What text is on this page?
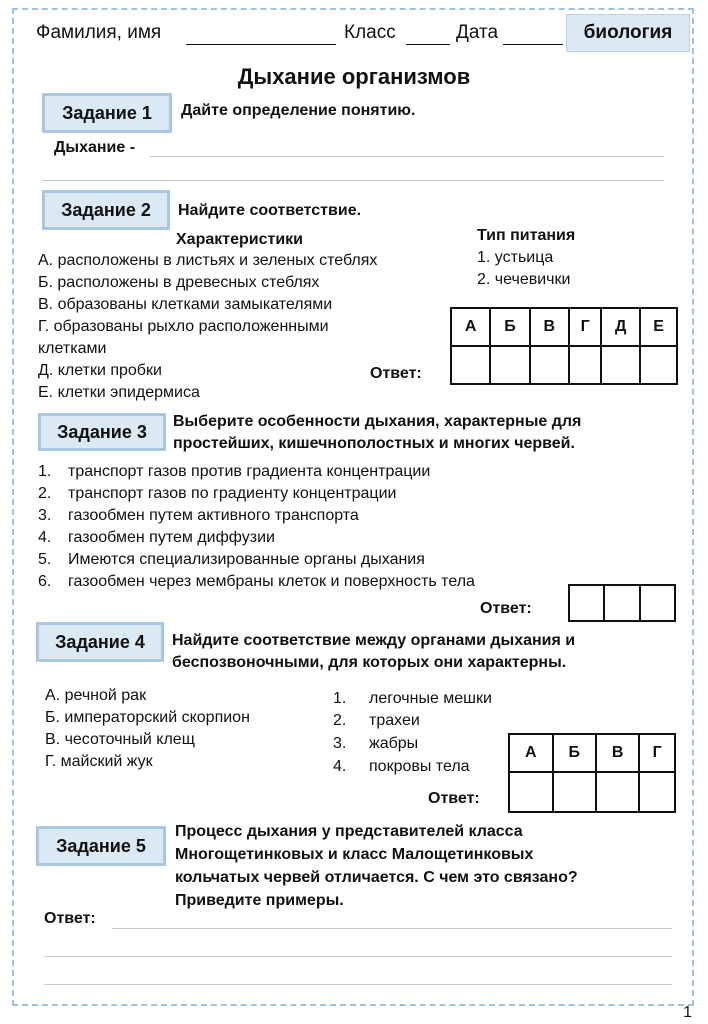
Фамилия, имя	Класс	Дата	биология
Дыхание организмов
Задание 1	Дайте определение понятию.
Дыхание -
Задание 2	Найдите соответствие.
Характеристики	Тип питания
А. расположены в листьях и зеленых стеблях
Б. расположены в древесных стеблях
В. образованы клетками замыкателями
Г. образованы рыхло расположенными
клетками
Д. клетки пробки
Е. клетки эпидермиса
1. устьица
2. чечевички
Ответ:
А	Б	В	Г	Д	Е

Задание 3
Выберите особенности дыхания, характерные для
простейших, кишечнополостных и многих червей.
1. транспорт газов против градиента концентрации
2. транспорт газов по градиенту концентрации
3. газообмен путем активного транспорта
4. газообмен путем диффузии
5. Имеются специализированные органы дыхания
6. газообмен через мембраны клеток и поверхность тела
Ответ:

Задание 4	Найдите соответствие между органами дыхания и
беспозвоночными, для которых они характерны.
А. речной рак
Б. императорский скорпион
В. чесоточный клещ
Г. майский жук
1. легочные мешки
2. трахеи
3. жабры
4. покровы тела
Ответ:
А	Б	В	Г

Задание 5
Процесс дыхания у представителей класса
Многощетинковых и класс Малощетинковых
кольчатых червей отличается. С чем это связано?
Приведите примеры.
Ответ:
1
